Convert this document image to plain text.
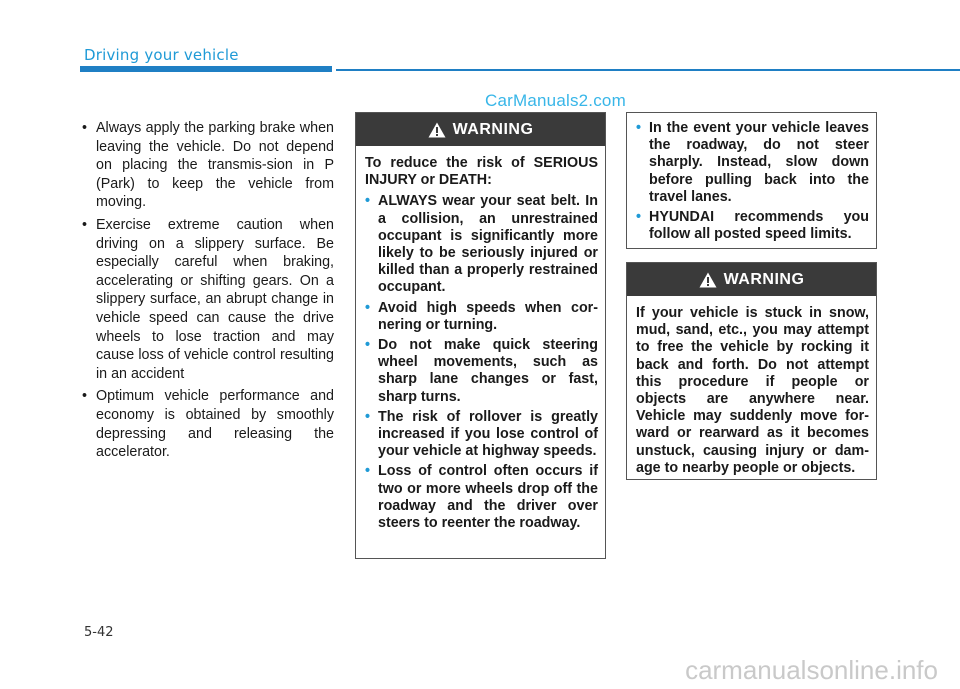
Driving your vehicle
CarManuals2.com
• Always apply the parking brake when leaving the vehicle. Do not depend on placing the transmis-sion in P (Park) to keep the vehicle from moving.
• Exercise extreme caution when driving on a slippery surface. Be especially careful when braking, accelerating or shifting gears. On a slippery surface, an abrupt change in vehicle speed can cause the drive wheels to lose traction and may cause loss of vehicle control resulting in an accident
• Optimum vehicle performance and economy is obtained by smoothly depressing and releasing the accelerator.
WARNING

To reduce the risk of SERIOUS INJURY or DEATH:

• ALWAYS wear your seat belt. In a collision, an unrestrained occupant is significantly more likely to be seriously injured or killed than a properly restrained occupant.
• Avoid high speeds when cor-nering or turning.
• Do not make quick steering wheel movements, such as sharp lane changes or fast, sharp turns.
• The risk of rollover is greatly increased if you lose control of your vehicle at highway speeds.
• Loss of control often occurs if two or more wheels drop off the roadway and the driver over steers to reenter the roadway.
• In the event your vehicle leaves the roadway, do not steer sharply. Instead, slow down before pulling back into the travel lanes.
• HYUNDAI recommends you follow all posted speed limits.
WARNING

If your vehicle is stuck in snow, mud, sand, etc., you may attempt to free the vehicle by rocking it back and forth. Do not attempt this procedure if people or objects are anywhere near. Vehicle may suddenly move for-ward or rearward as it becomes unstuck, causing injury or dam-age to nearby people or objects.

5-42
carmanualsonline.info
